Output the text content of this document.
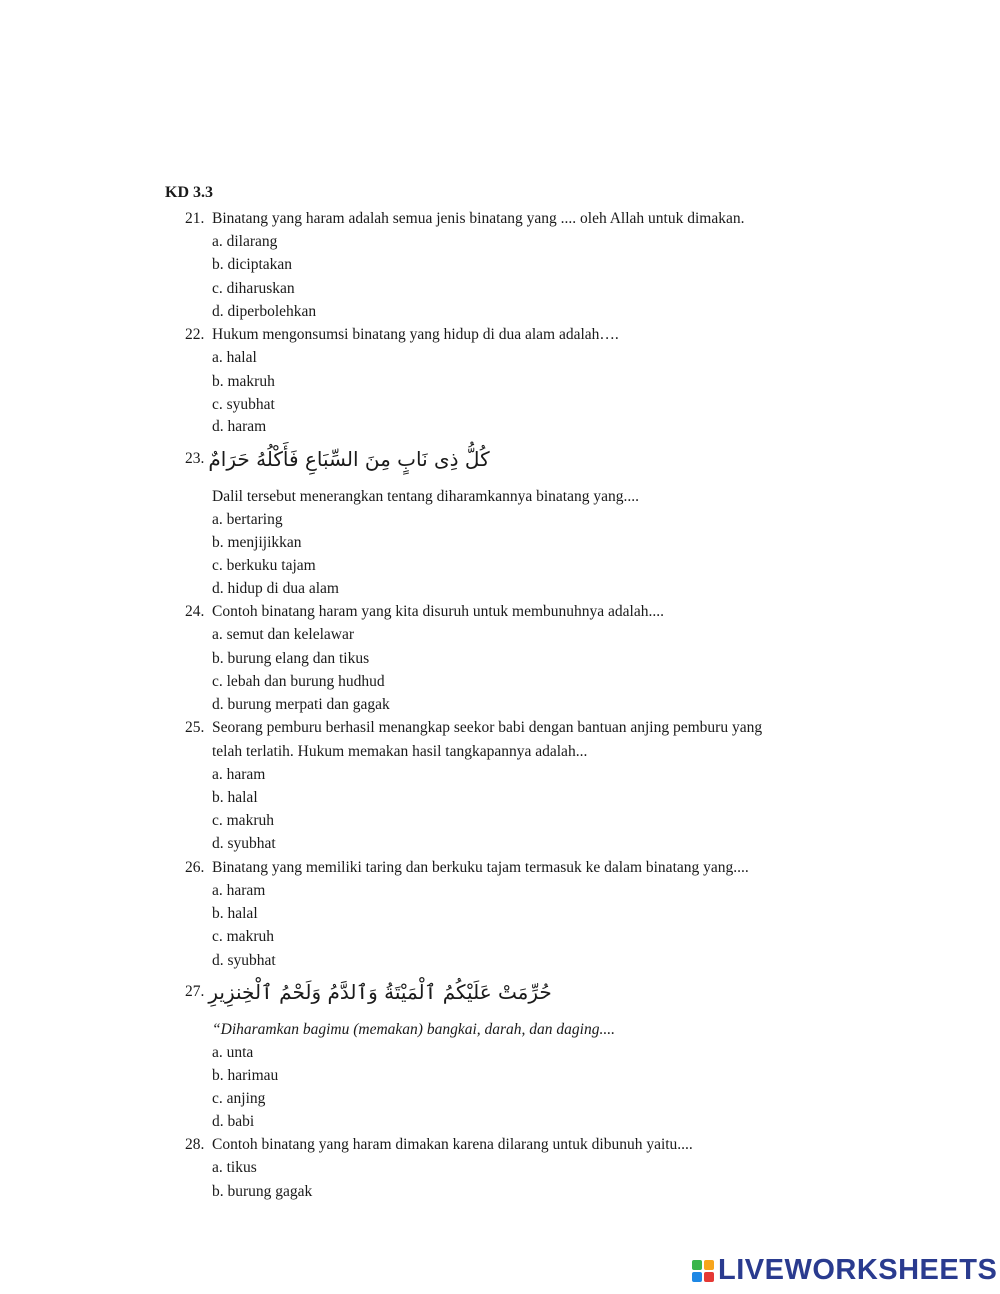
KD 3.3
21. Binatang yang haram adalah semua jenis binatang yang .... oleh Allah untuk dimakan.
a. dilarang
b. diciptakan
c. diharuskan
d. diperbolehkan
22. Hukum mengonsumsi binatang yang hidup di dua alam adalah….
a. halal
b. makruh
c. syubhat
d. haram
23. كُلُّ ذِى نَابٍ مِنَ السِّبَاعِ فَأَكْلُهُ حَرَامٌ
Dalil tersebut menerangkan tentang diharamkannya binatang yang....
a. bertaring
b. menjijikkan
c. berkuku tajam
d. hidup di dua alam
24. Contoh binatang haram yang kita disuruh untuk membunuhnya adalah....
a. semut dan kelelawar
b. burung elang dan tikus
c. lebah dan burung hudhud
d. burung merpati dan gagak
25. Seorang pemburu berhasil menangkap seekor babi dengan bantuan anjing pemburu yang
telah terlatih. Hukum memakan hasil tangkapannya adalah...
a. haram
b. halal
c. makruh
d. syubhat
26. Binatang yang memiliki taring dan berkuku tajam termasuk ke dalam binatang yang....
a. haram
b. halal
c. makruh
d. syubhat
27. حُرِّمَتْ عَلَيْكُمُ ٱلْمَيْتَةُ وَٱلدَّمُ وَلَحْمُ ٱلْخِنزِيرِ
“Diharamkan bagimu (memakan) bangkai, darah, dan daging....
a. unta
b. harimau
c. anjing
d. babi
28. Contoh binatang yang haram dimakan karena dilarang untuk dibunuh yaitu....
a. tikus
b. burung gagak
LIVEWORKSHEETS
